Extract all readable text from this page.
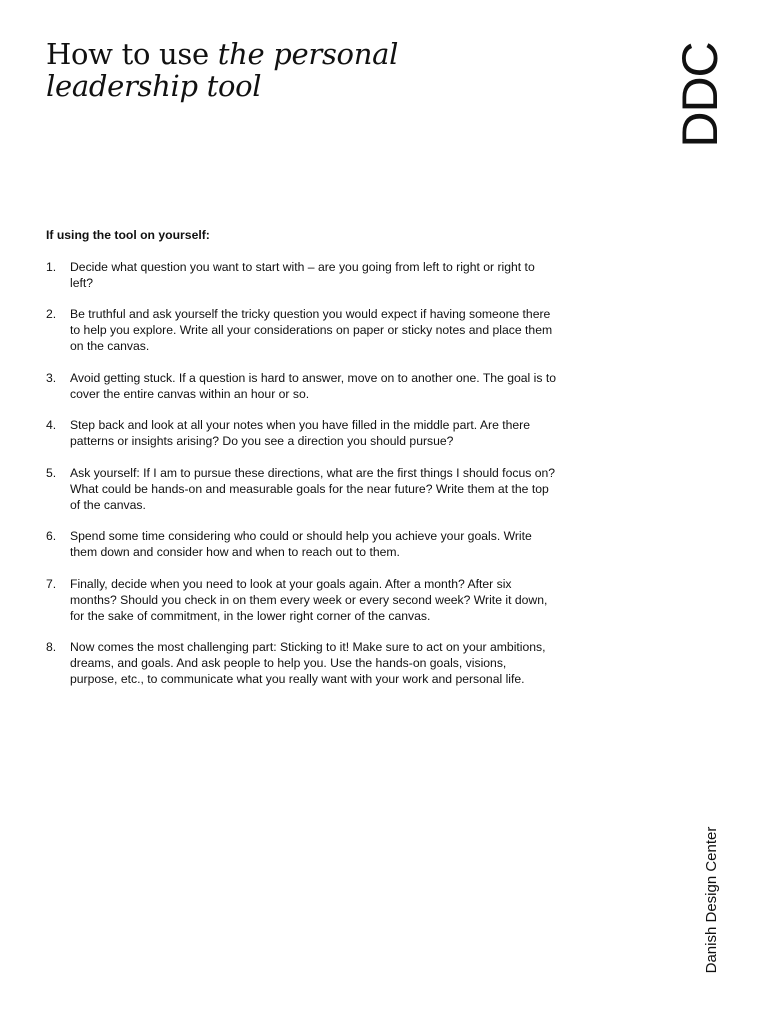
How to use the personal
leadership tool	DDC
Danish Design Center

If using the tool on yourself:

1.	Decide what question you want to start with – are you going from left to right or right to left?
2.	Be truthful and ask yourself the tricky question you would expect if having someone there to help you explore. Write all your considerations on paper or sticky notes and place them on the canvas.
3.	Avoid getting stuck. If a question is hard to answer, move on to another one. The goal is to cover the entire canvas within an hour or so.
4.	Step back and look at all your notes when you have filled in the middle part. Are there patterns or insights arising? Do you see a direction you should pursue?
5.	Ask yourself: If I am to pursue these directions, what are the first things I should focus on? What could be hands-on and measurable goals for the near future? Write them at the top of the canvas.
6.	Spend some time considering who could or should help you achieve your goals. Write them down and consider how and when to reach out to them.
7.	Finally, decide when you need to look at your goals again. After a month? After six months? Should you check in on them every week or every second week? Write it down, for the sake of commitment, in the lower right corner of the canvas.
8.	Now comes the most challenging part: Sticking to it! Make sure to act on your ambitions, dreams, and goals. And ask people to help you. Use the hands-on goals, visions, purpose, etc., to communicate what you really want with your work and personal life.
